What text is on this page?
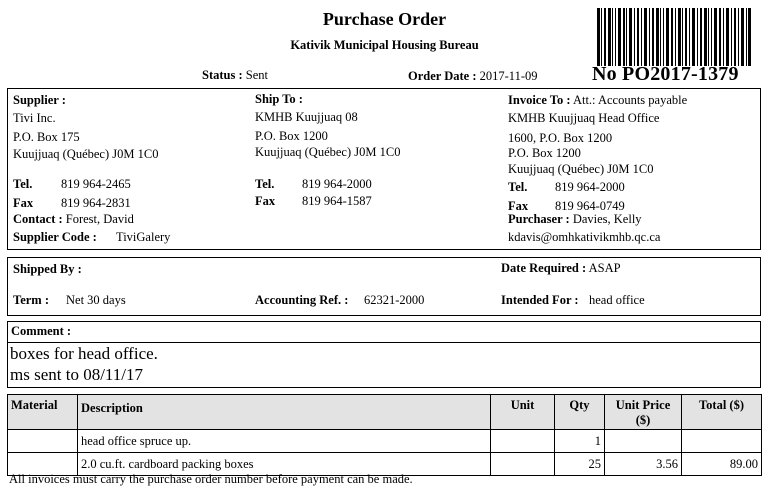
Purchase Order
Kativik Municipal Housing Bureau
Status : Sent	Order Date : 2017-11-09	No PO2017-1379
Supplier :
Tivi Inc.
P.O. Box 175
Kuujjuaq (Québec) J0M 1C0
Tel. 819 964-2465
Fax 819 964-2831
Contact : Forest, David
Supplier Code : TiviGalery
Ship To :
KMHB Kuujjuaq 08
P.O. Box 1200
Kuujjuaq (Québec) J0M 1C0
Tel. 819 964-2000
Fax 819 964-1587
Invoice To : Att.: Accounts payable
KMHB Kuujjuaq Head Office
1600, P.O. Box 1200
P.O. Box 1200
Kuujjuaq (Québec) J0M 1C0
Tel. 819 964-2000
Fax 819 964-0749
Purchaser : Davies, Kelly
kdavis@omhkativikmhb.qc.ca
Shipped By :	Date Required : ASAP
Term : Net 30 days	Accounting Ref. : 62321-2000	Intended For : head office
Comment :
boxes for head office.
ms sent to 08/11/17
Material	Description	Unit	Qty	Unit Price ($)	Total ($)
	head office spruce up.		1		
	2.0 cu.ft. cardboard packing boxes		25	3.56	89.00
All invoices must carry the purchase order number before payment can be made.
